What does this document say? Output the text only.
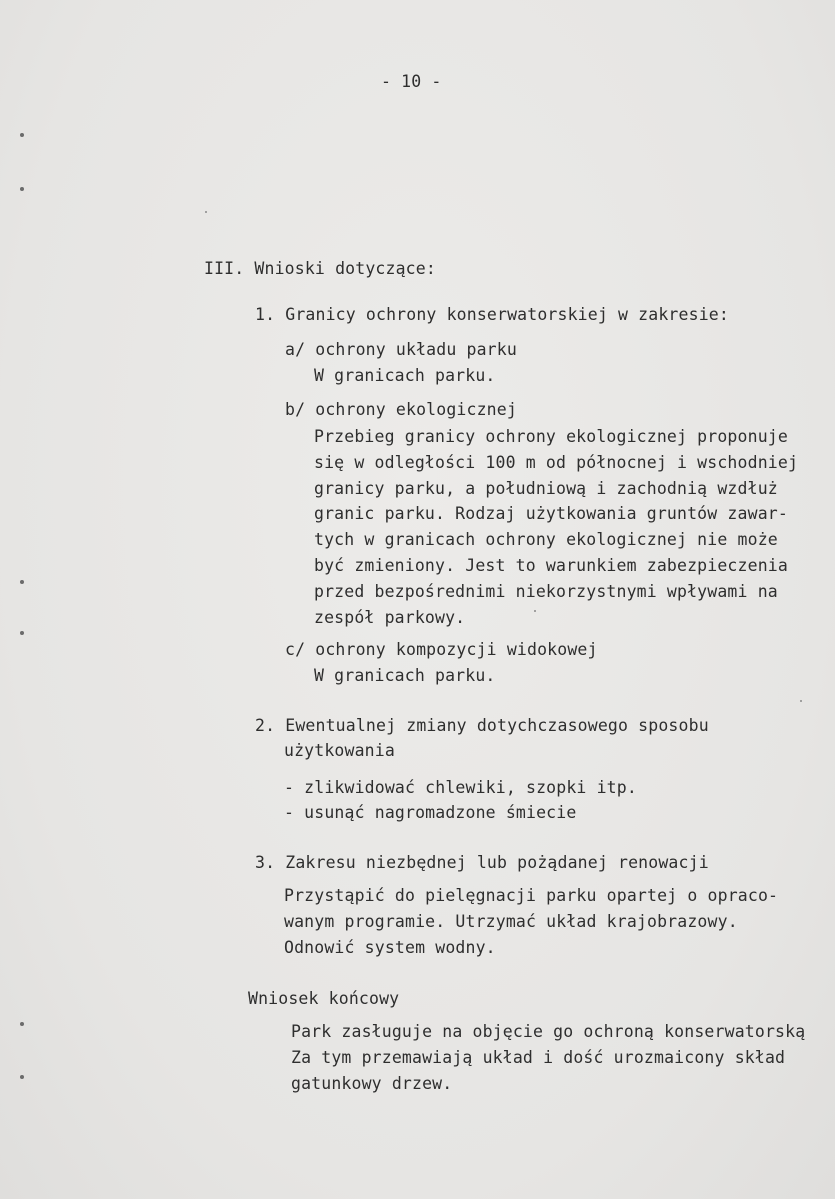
- 10 -
III. Wnioski dotyczące:
1. Granicy ochrony konserwatorskiej w zakresie:
a/ ochrony układu parku
W granicach parku.
b/ ochrony ekologicznej
Przebieg granicy ochrony ekologicznej proponuje
się w odległości 100 m od północnej i wschodniej
granicy parku, a południową i zachodnią wzdłuż
granic parku. Rodzaj użytkowania gruntów zawar-
tych w granicach ochrony ekologicznej nie może
być zmieniony. Jest to warunkiem zabezpieczenia
przed bezpośrednimi niekorzystnymi wpływami na
zespół parkowy.
c/ ochrony kompozycji widokowej
W granicach parku.
2. Ewentualnej zmiany dotychczasowego sposobu
użytkowania
- zlikwidować chlewiki, szopki itp.
- usunąć nagromadzone śmiecie
3. Zakresu niezbędnej lub pożądanej renowacji
Przystąpić do pielęgnacji parku opartej o opraco-
wanym programie. Utrzymać układ krajobrazowy.
Odnowić system wodny.
Wniosek końcowy
Park zasługuje na objęcie go ochroną konserwatorską
Za tym przemawiają układ i dość urozmaicony skład
gatunkowy drzew.
